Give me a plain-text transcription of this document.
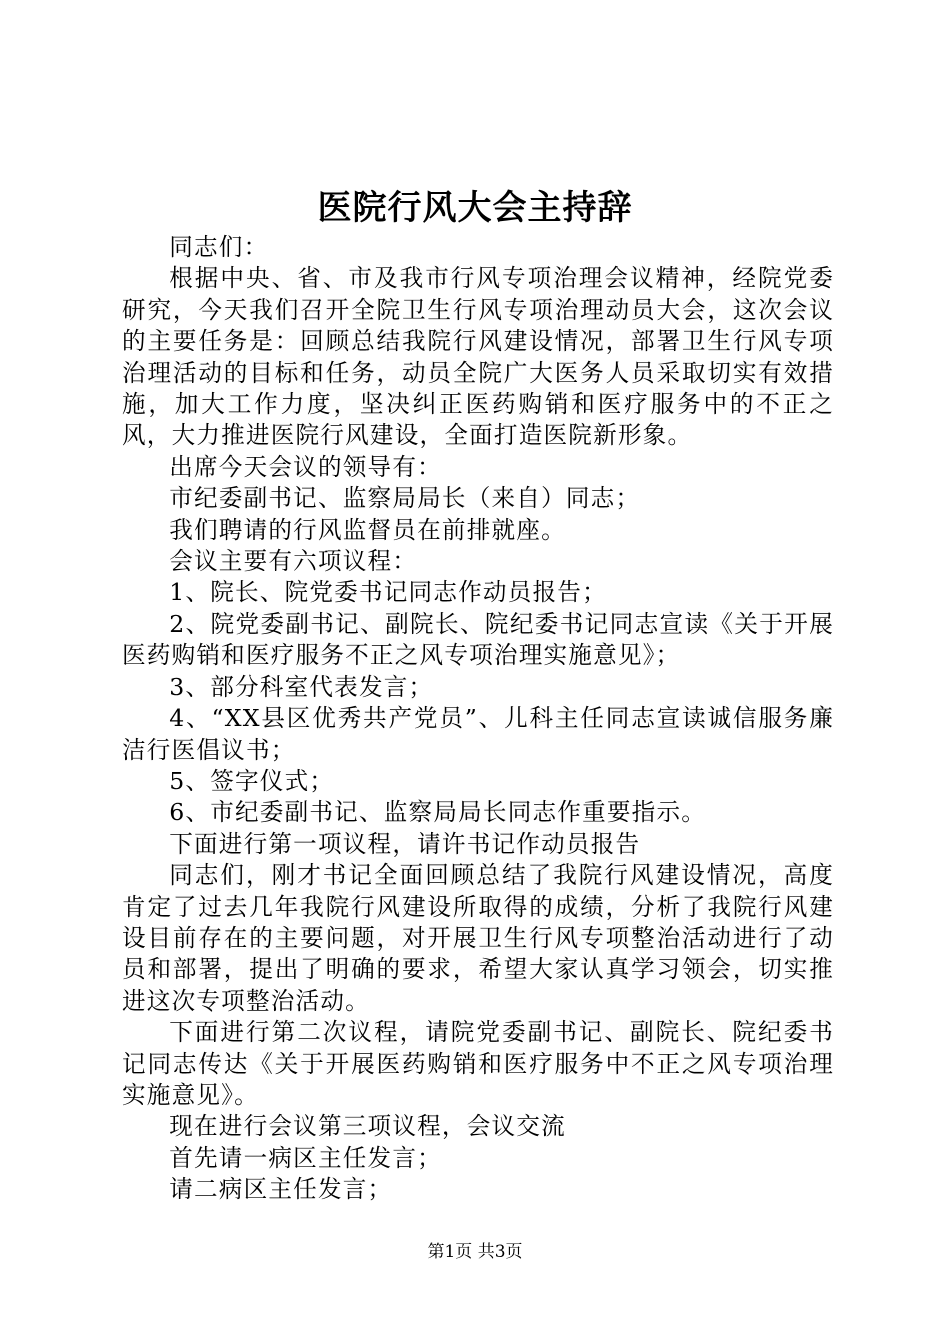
医院行风大会主持辞

同志们：

根据中央、省、市及我市行风专项治理会议精神，经院党委研究，今天我们召开全院卫生行风专项治理动员大会，这次会议的主要任务是：回顾总结我院行风建设情况，部署卫生行风专项治理活动的目标和任务，动员全院广大医务人员采取切实有效措施，加大工作力度，坚决纠正医药购销和医疗服务中的不正之风，大力推进医院行风建设，全面打造医院新形象。

出席今天会议的领导有：

市纪委副书记、监察局局长（来自）同志；

我们聘请的行风监督员在前排就座。

会议主要有六项议程：

1、院长、院党委书记同志作动员报告；

2、院党委副书记、副院长、院纪委书记同志宣读《关于开展医药购销和医疗服务不正之风专项治理实施意见》；

3、部分科室代表发言；

4、“XX县区优秀共产党员”、儿科主任同志宣读诚信服务廉洁行医倡议书；

5、签字仪式；

6、市纪委副书记、监察局局长同志作重要指示。

下面进行第一项议程，请许书记作动员报告

同志们，刚才书记全面回顾总结了我院行风建设情况，高度肯定了过去几年我院行风建设所取得的成绩，分析了我院行风建设目前存在的主要问题，对开展卫生行风专项整治活动进行了动员和部署，提出了明确的要求，希望大家认真学习领会，切实推进这次专项整治活动。

下面进行第二次议程，请院党委副书记、副院长、院纪委书记同志传达《关于开展医药购销和医疗服务中不正之风专项治理实施意见》。

现在进行会议第三项议程，会议交流

首先请一病区主任发言；

请二病区主任发言；

第1页 共3页
